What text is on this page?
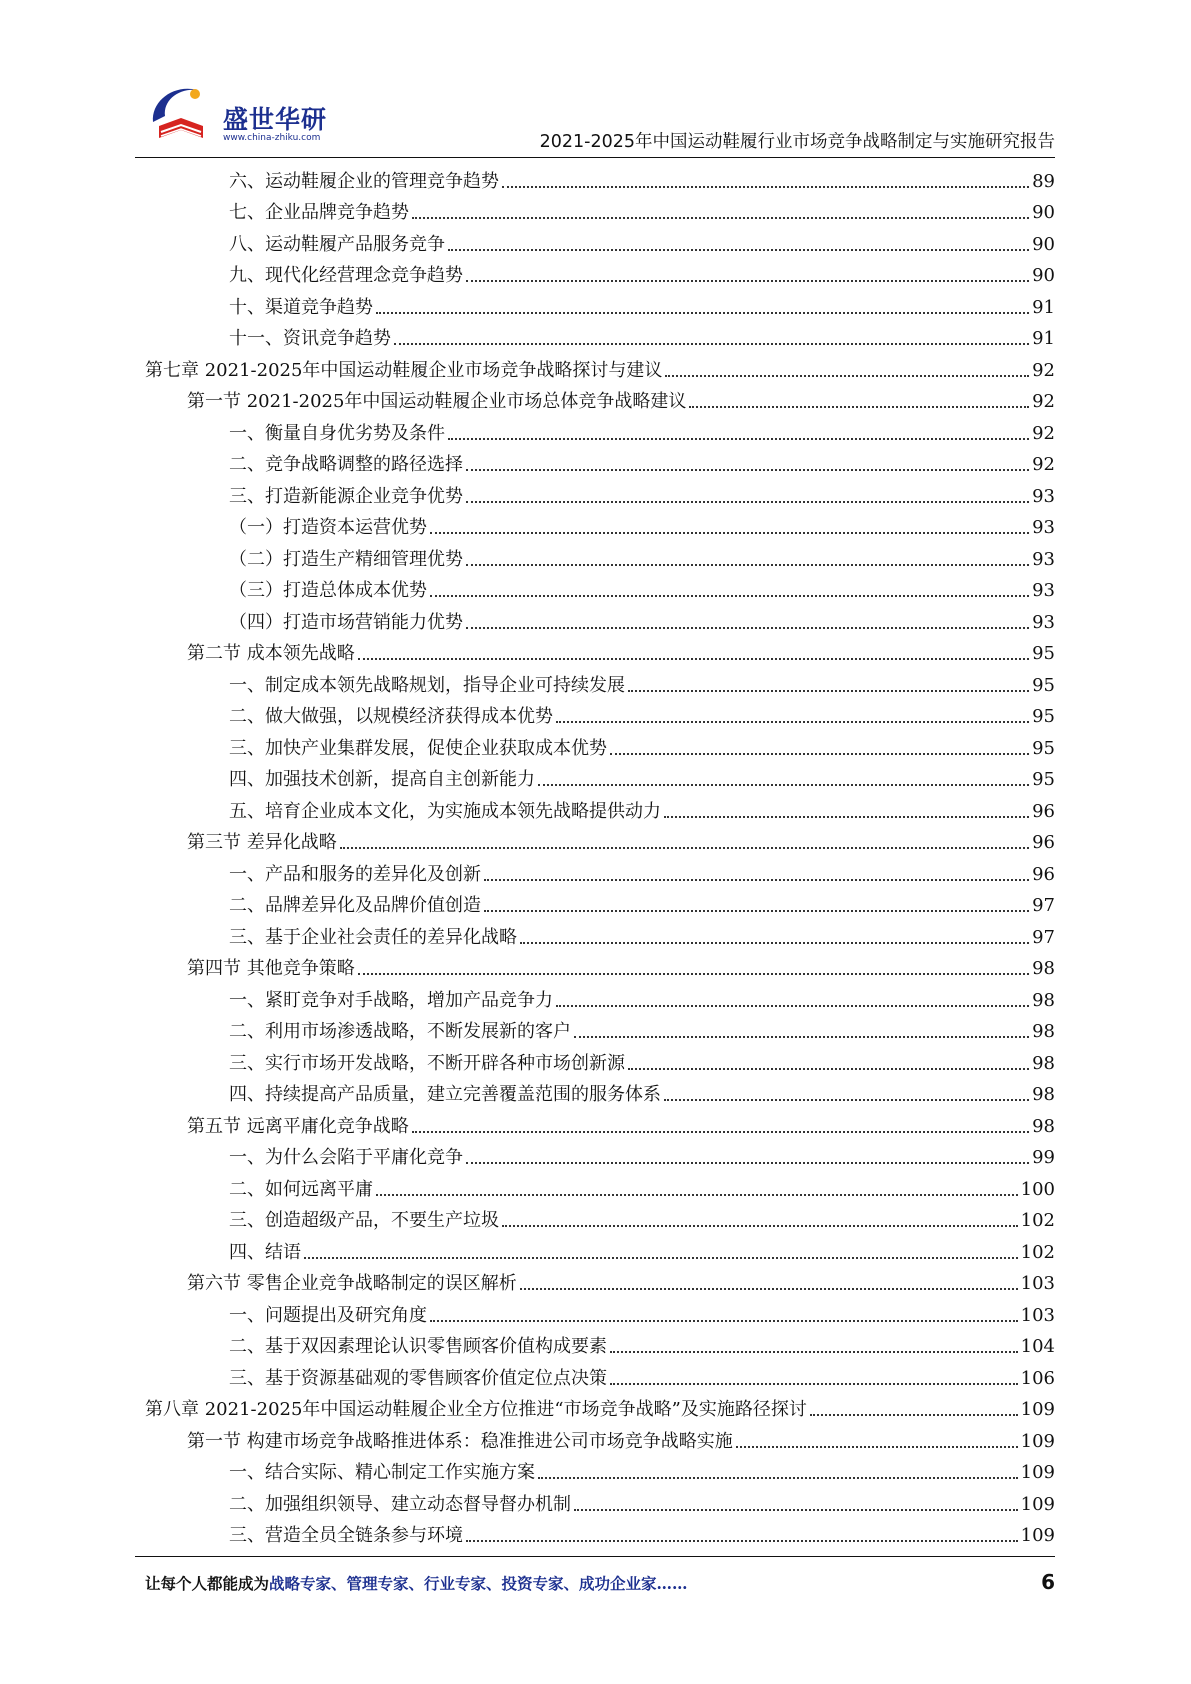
盛世华研
www.china-zhiku.com	2021-2025年中国运动鞋履行业市场竞争战略制定与实施研究报告
六、运动鞋履企业的管理竞争趋势	89
七、企业品牌竞争趋势	90
八、运动鞋履产品服务竞争	90
九、现代化经营理念竞争趋势	90
十、渠道竞争趋势	91
十一、资讯竞争趋势	91
第七章 2021-2025年中国运动鞋履企业市场竞争战略探讨与建议	92
第一节 2021-2025年中国运动鞋履企业市场总体竞争战略建议	92
一、衡量自身优劣势及条件	92
二、竞争战略调整的路径选择	92
三、打造新能源企业竞争优势	93
（一）打造资本运营优势	93
（二）打造生产精细管理优势	93
（三）打造总体成本优势	93
（四）打造市场营销能力优势	93
第二节 成本领先战略	95
一、制定成本领先战略规划，指导企业可持续发展	95
二、做大做强，以规模经济获得成本优势	95
三、加快产业集群发展，促使企业获取成本优势	95
四、加强技术创新，提高自主创新能力	95
五、培育企业成本文化，为实施成本领先战略提供动力	96
第三节 差异化战略	96
一、产品和服务的差异化及创新	96
二、品牌差异化及品牌价值创造	97
三、基于企业社会责任的差异化战略	97
第四节 其他竞争策略	98
一、紧盯竞争对手战略，增加产品竞争力	98
二、利用市场渗透战略，不断发展新的客户	98
三、实行市场开发战略，不断开辟各种市场创新源	98
四、持续提高产品质量，建立完善覆盖范围的服务体系	98
第五节 远离平庸化竞争战略	98
一、为什么会陷于平庸化竞争	99
二、如何远离平庸	100
三、创造超级产品，不要生产垃圾	102
四、结语	102
第六节 零售企业竞争战略制定的误区解析	103
一、问题提出及研究角度	103
二、基于双因素理论认识零售顾客价值构成要素	104
三、基于资源基础观的零售顾客价值定位点决策	106
第八章 2021-2025年中国运动鞋履企业全方位推进“市场竞争战略”及实施路径探讨	109
第一节 构建市场竞争战略推进体系：稳准推进公司市场竞争战略实施	109
一、结合实际、精心制定工作实施方案	109
二、加强组织领导、建立动态督导督办机制	109
三、营造全员全链条参与环境	109
让每个人都能成为战略专家、管理专家、行业专家、投资专家、成功企业家……	6
